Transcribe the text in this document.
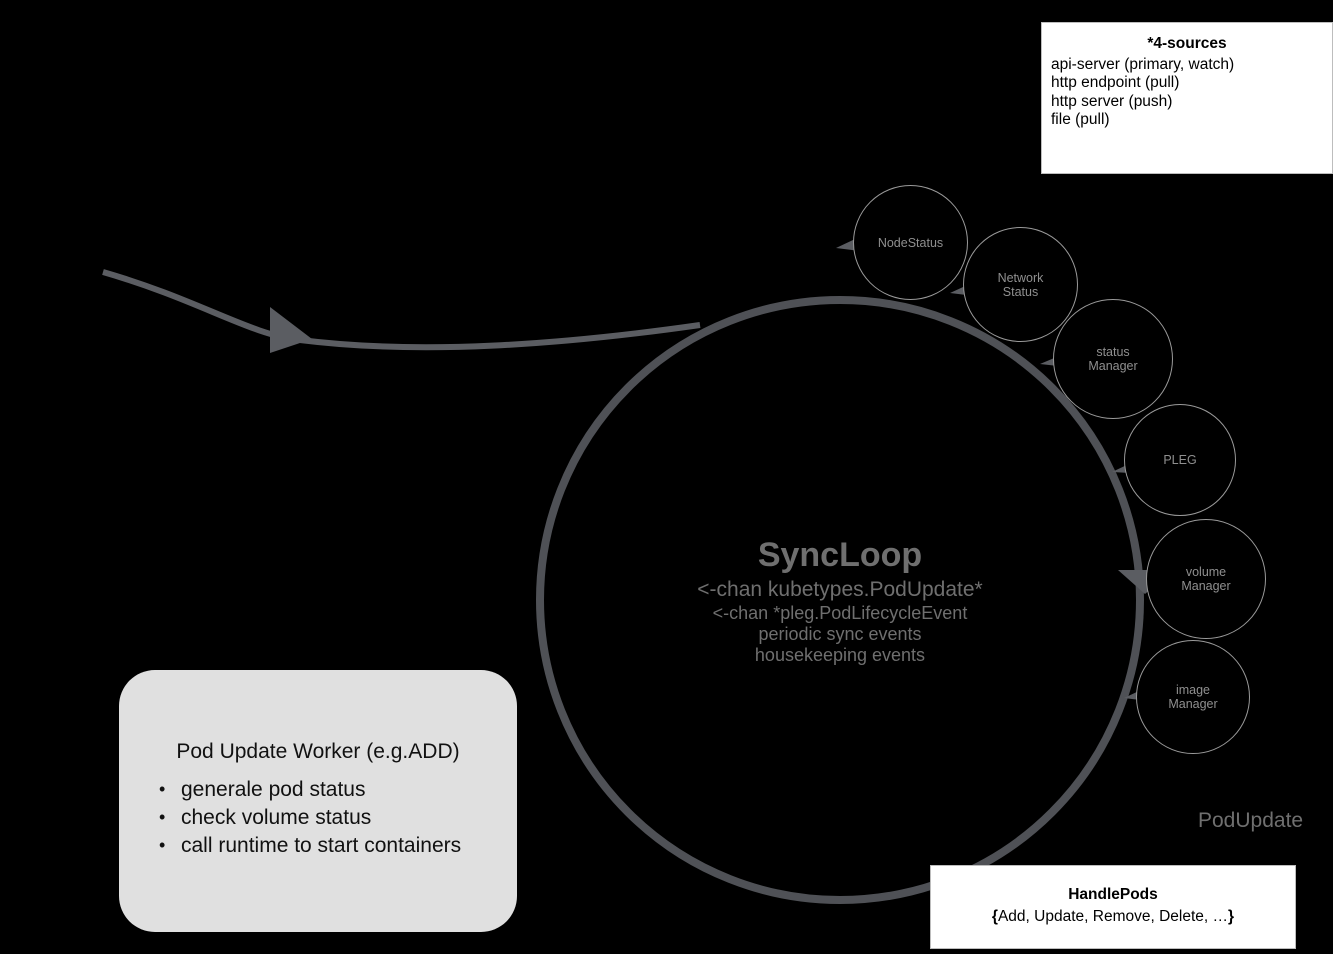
NodeStatus
Network
Status
status
Manager
PLEG
volume
Manager
image
Manager
SyncLoop
<-chan kubetypes.PodUpdate*
<-chan *pleg.PodLifecycleEvent
periodic sync events
housekeeping events
PodUpdate
*4-sources
api-server (primary, watch)
http endpoint (pull)
http server (push)
file (pull)
HandlePods
{Add, Update, Remove, Delete, …}
Pod Update Worker (e.g.ADD)
• generale pod status
• check volume status
• call runtime to start containers
